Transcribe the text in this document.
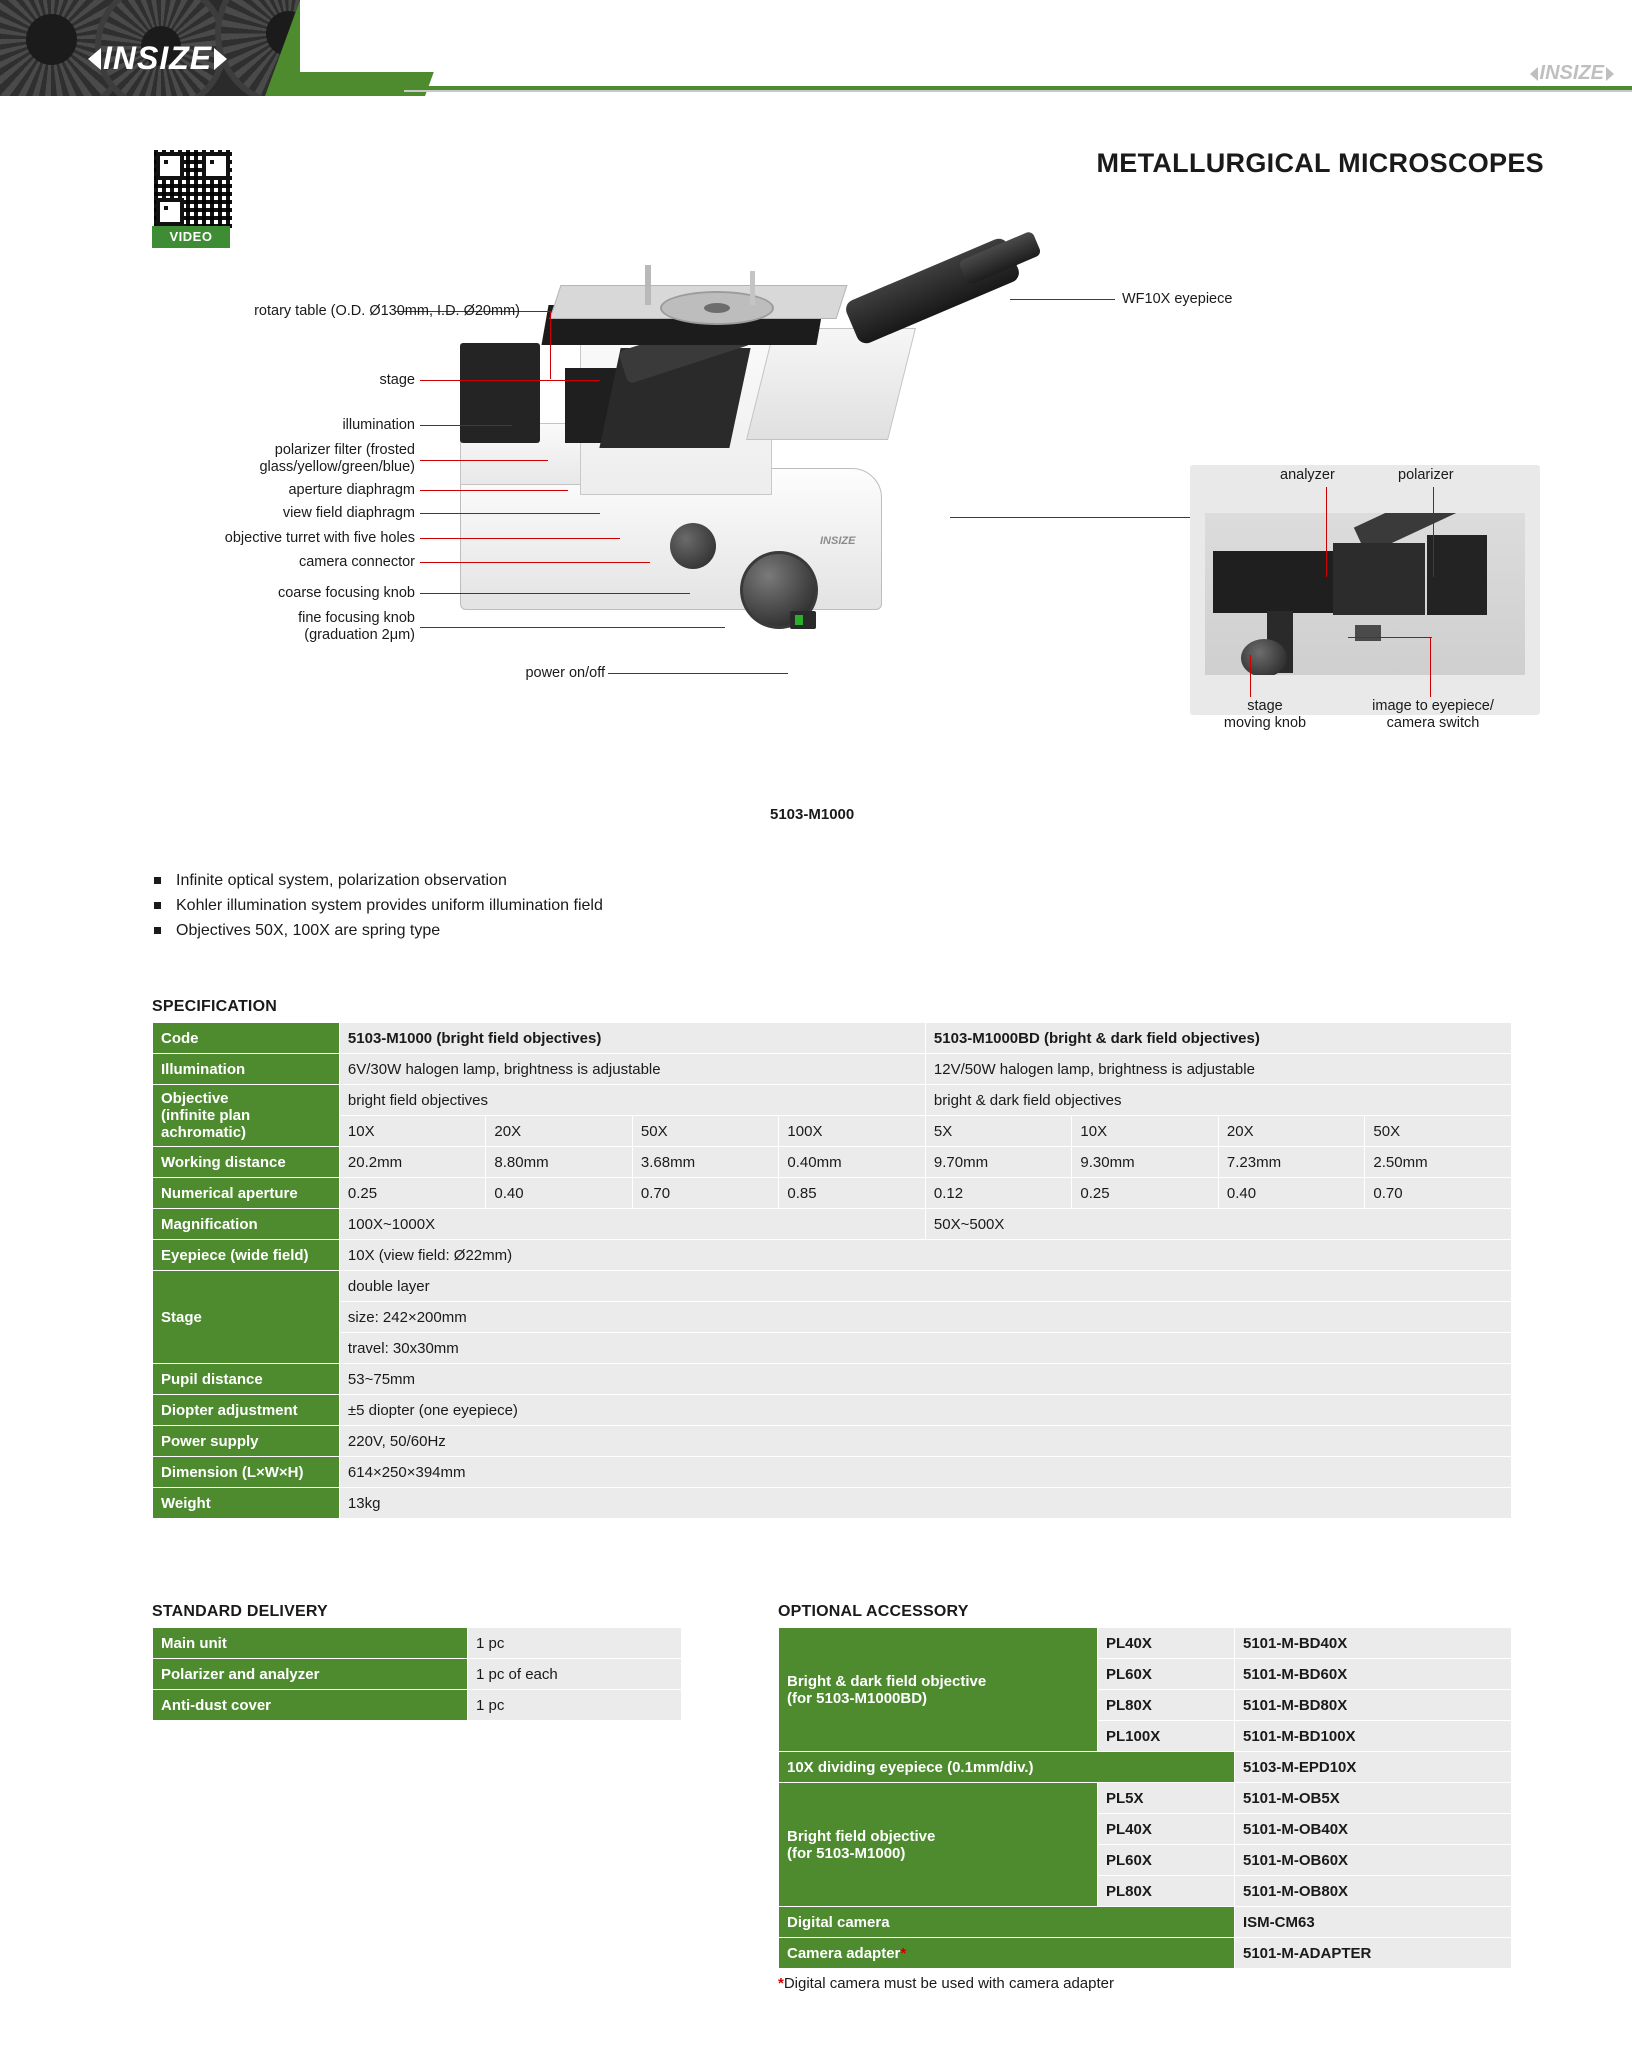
INSIZE	INSIZE
METALLURGICAL MICROSCOPES
VIDEO
INSIZE
rotary table (O.D. Ø130mm, I.D. Ø20mm)
stage
illumination
polarizer filter (frosted
glass/yellow/green/blue)
aperture diaphragm
view field diaphragm
objective turret with five holes
camera connector
coarse focusing knob
fine focusing knob
(graduation 2μm)
power on/off
WF10X eyepiece
analyzer	polarizer
stage
moving knob
image to eyepiece/
camera switch
5103-M1000
Infinite optical system, polarization observation
Kohler illumination system provides uniform illumination field
Objectives 50X, 100X are spring type
SPECIFICATION
Code	5103-M1000 (bright field objectives)				5103-M1000BD (bright & dark field objectives)			
Illumination	6V/30W halogen lamp, brightness is adjustable				12V/50W halogen lamp, brightness is adjustable			

Objective
(infinite plan achromatic)	bright field objectives				bright & dark field objectives			
	10X	20X	50X	100X	5X	10X	20X	50X
Working distance	20.2mm	8.80mm	3.68mm	0.40mm	9.70mm	9.30mm	7.23mm	2.50mm
Numerical aperture	0.25	0.40	0.70	0.85	0.12	0.25	0.40	0.70
Magnification	100X~1000X				50X~500X			
Eyepiece (wide field)	10X (view field: Ø22mm)							
Stage	double layer							
	size: 242×200mm							
	travel: 30x30mm							
Pupil distance	53~75mm							
Diopter adjustment	±5 diopter (one eyepiece)							
Power supply	220V, 50/60Hz							
Dimension (L×W×H)	614×250×394mm							
Weight	13kg							
STANDARD DELIVERY
Main unit	1 pc
Polarizer and analyzer	1 pc of each
Anti-dust cover	1 pc
OPTIONAL ACCESSORY
Bright & dark field objective
(for 5103-M1000BD)	PL40X	5101-M-BD40X
	PL60X	5101-M-BD60X
	PL80X	5101-M-BD80X
	PL100X	5101-M-BD100X
10X dividing eyepiece (0.1mm/div.)		5103-M-EPD10X

Bright field objective
(for 5103-M1000)	PL5X	5101-M-OB5X
	PL40X	5101-M-OB40X
	PL60X	5101-M-OB60X
	PL80X	5101-M-OB80X
Digital camera		ISM-CM63
Camera adapter*		5101-M-ADAPTER
*Digital camera must be used with camera adapter
